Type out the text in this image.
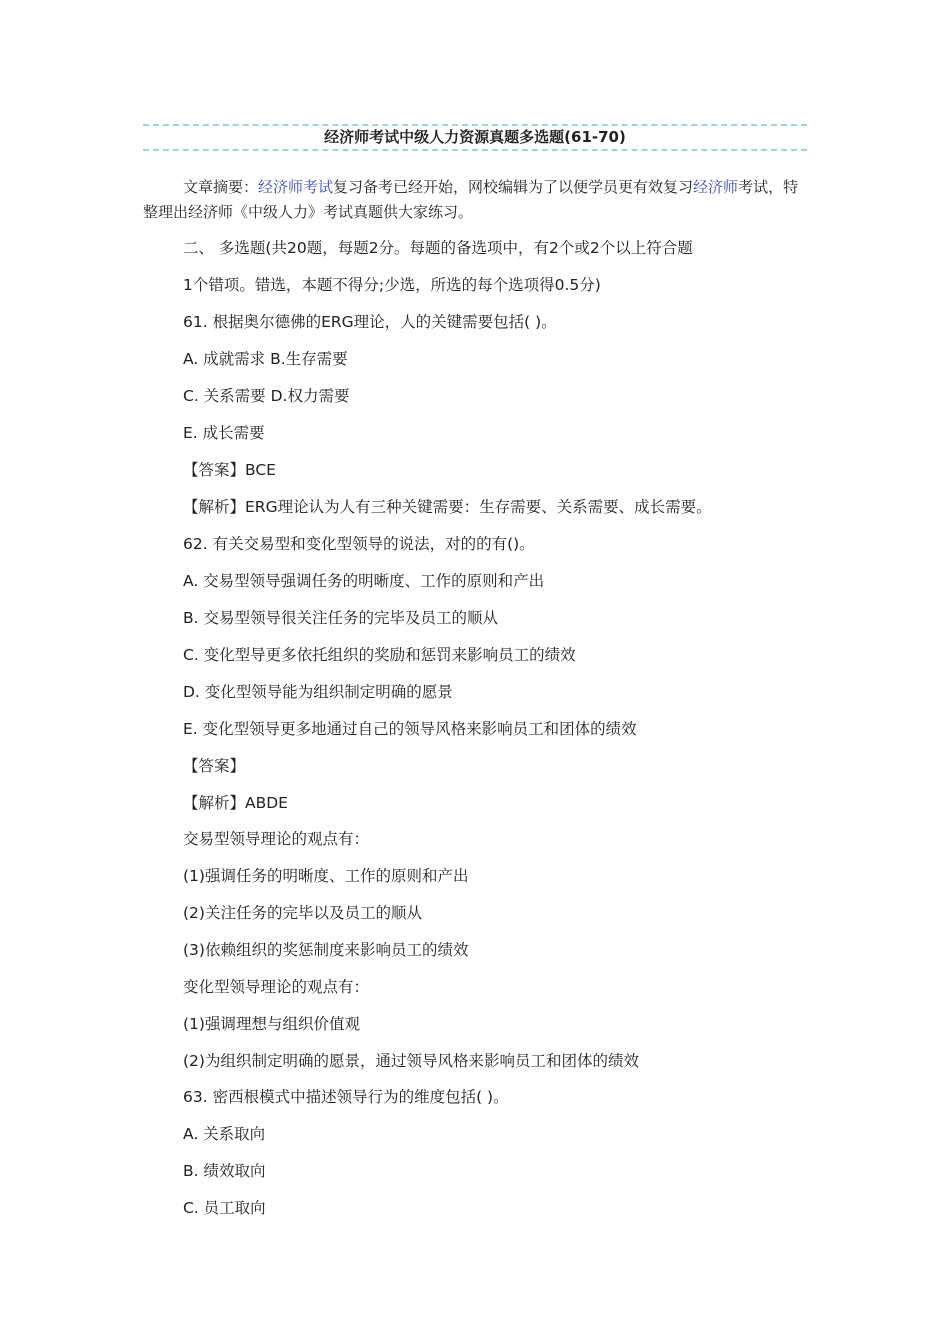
经济师考试中级人力资源真题多选题(61-70)

文章摘要：经济师考试复习备考已经开始，网校编辑为了以便学员更有效复习经济师考试，特整理出经济师《中级人力》考试真题供大家练习。

二、 多选题(共20题，每题2分。每题的备选项中，有2个或2个以上符合题

1个错项。错选，本题不得分;少选，所选的每个选项得0.5分)

61. 根据奥尔德佛的ERG理论，人的关键需要包括( )。

A. 成就需求 B.生存需要

C. 关系需要 D.权力需要

E. 成长需要

【答案】BCE

【解析】ERG理论认为人有三种关键需要：生存需要、关系需要、成长需要。

62. 有关交易型和变化型领导的说法，对的的有()。

A. 交易型领导强调任务的明晰度、工作的原则和产出

B. 交易型领导很关注任务的完毕及员工的顺从

C. 变化型导更多依托组织的奖励和惩罚来影响员工的绩效

D. 变化型领导能为组织制定明确的愿景

E. 变化型领导更多地通过自己的领导风格来影响员工和团体的绩效

【答案】

【解析】ABDE

交易型领导理论的观点有：

(1)强调任务的明晰度、工作的原则和产出

(2)关注任务的完毕以及员工的顺从

(3)依赖组织的奖惩制度来影响员工的绩效

变化型领导理论的观点有：

(1)强调理想与组织价值观

(2)为组织制定明确的愿景，通过领导风格来影响员工和团体的绩效

63. 密西根模式中描述领导行为的维度包括( )。

A. 关系取向

B. 绩效取向

C. 员工取向
